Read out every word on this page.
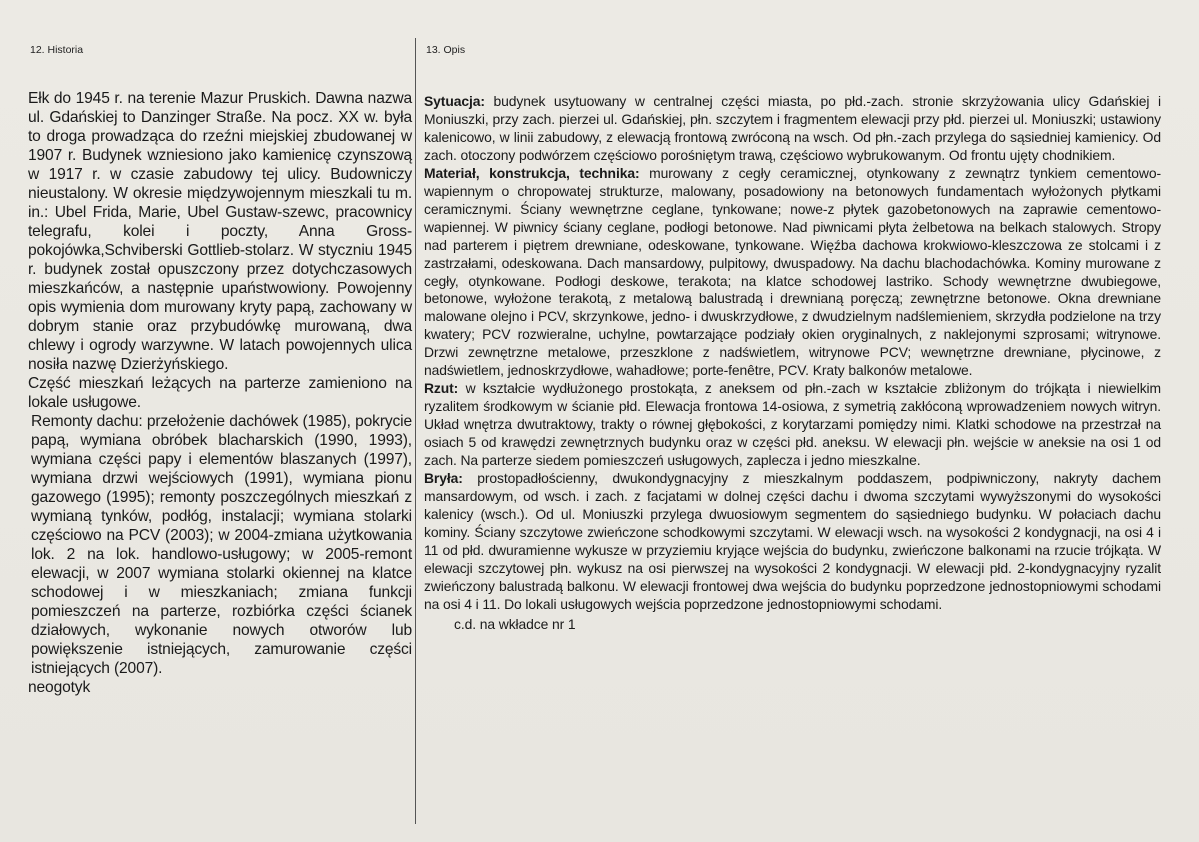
12. Historia	13. Opis

Ełk do 1945 r. na terenie Mazur Pruskich. Dawna nazwa ul. Gdańskiej to Danzinger Straße. Na pocz. XX w. była to droga prowadząca do rzeźni miejskiej zbudowanej w 1907 r. Budynek wzniesiono jako kamienicę czynszową w 1917 r. w czasie zabudowy tej ulicy. Budowniczy nieustalony. W okresie międzywojennym mieszkali tu m. in.: Ubel Frida, Marie, Ubel Gustaw-szewc, pracownicy telegrafu, kolei i poczty, Anna Gross-pokojówka,Schviberski Gottlieb-stolarz. W styczniu 1945 r. budynek został opuszczony przez dotychczasowych mieszkańców, a następnie upaństwowiony. Powojenny opis wymienia dom murowany kryty papą, zachowany w dobrym stanie oraz przybudówkę murowaną, dwa chlewy i ogrody warzywne. W latach powojennych ulica nosiła nazwę Dzierżyńskiego.

Część mieszkań leżących na parterze zamieniono na lokale usługowe.

Remonty dachu: przełożenie dachówek (1985), pokrycie papą, wymiana obróbek blacharskich (1990, 1993), wymiana części papy i elementów blaszanych (1997), wymiana drzwi wejściowych (1991), wymiana pionu gazowego (1995); remonty poszczególnych mieszkań z wymianą tynków, podłóg, instalacji; wymiana stolarki częściowo na PCV (2003); w 2004-zmiana użytkowania lok. 2 na lok. handlowo-usługowy; w 2005-remont elewacji, w 2007 wymiana stolarki okiennej na klatce schodowej i w mieszkaniach; zmiana funkcji pomieszczeń na parterze, rozbiórka części ścianek działowych, wykonanie nowych otworów lub powiększenie istniejących, zamurowanie części istniejących (2007).

neogotyk

Sytuacja: budynek usytuowany w centralnej części miasta, po płd.-zach. stronie skrzyżowania ulicy Gdańskiej i Moniuszki, przy zach. pierzei ul. Gdańskiej, płn. szczytem i fragmentem elewacji przy płd. pierzei ul. Moniuszki; ustawiony kalenicowo, w linii zabudowy, z elewacją frontową zwróconą na wsch. Od płn.-zach przylega do sąsiedniej kamienicy. Od zach. otoczony podwórzem częściowo porośniętym trawą, częściowo wybrukowanym. Od frontu ujęty chodnikiem.

Materiał, konstrukcja, technika: murowany z cegły ceramicznej, otynkowany z zewnątrz tynkiem cementowo-wapiennym o chropowatej strukturze, malowany, posadowiony na betonowych fundamentach wyłożonych płytkami ceramicznymi. Ściany wewnętrzne ceglane, tynkowane; nowe-z płytek gazobetonowych na zaprawie cementowo-wapiennej. W piwnicy ściany ceglane, podłogi betonowe. Nad piwnicami płyta żelbetowa na belkach stalowych. Stropy nad parterem i piętrem drewniane, odeskowane, tynkowane. Więźba dachowa krokwiowo-kleszczowa ze stolcami i z zastrzałami, odeskowana. Dach mansardowy, pulpitowy, dwuspadowy. Na dachu blachodachówka. Kominy murowane z cegły, otynkowane. Podłogi deskowe, terakota; na klatce schodowej lastriko. Schody wewnętrzne dwubiegowe, betonowe, wyłożone terakotą, z metalową balustradą i drewnianą poręczą; zewnętrzne betonowe. Okna drewniane malowane olejno i PCV, skrzynkowe, jedno- i dwuskrzydłowe, z dwudzielnym nadślemieniem, skrzydła podzielone na trzy kwatery; PCV rozwieralne, uchylne, powtarzające podziały okien oryginalnych, z naklejonymi szprosami; witrynowe. Drzwi zewnętrzne metalowe, przeszklone z nadświetlem, witrynowe PCV; wewnętrzne drewniane, płycinowe, z nadświetlem, jednoskrzydłowe, wahadłowe; porte-fenêtre, PCV. Kraty balkonów metalowe.

Rzut: w kształcie wydłużonego prostokąta, z aneksem od płn.-zach w kształcie zbliżonym do trójkąta i niewielkim ryzalitem środkowym w ścianie płd. Elewacja frontowa 14-osiowa, z symetrią zakłóconą wprowadzeniem nowych witryn. Układ wnętrza dwutraktowy, trakty o równej głębokości, z korytarzami pomiędzy nimi. Klatki schodowe na przestrzał na osiach 5 od krawędzi zewnętrznych budynku oraz w części płd. aneksu. W elewacji płn. wejście w aneksie na osi 1 od zach. Na parterze siedem pomieszczeń usługowych, zaplecza i jedno mieszkalne.

Bryła: prostopadłościenny, dwukondygnacyjny z mieszkalnym poddaszem, podpiwniczony, nakryty dachem mansardowym, od wsch. i zach. z facjatami w dolnej części dachu i dwoma szczytami wywyższonymi do wysokości kalenicy (wsch.). Od ul. Moniuszki przylega dwuosiowym segmentem do sąsiedniego budynku. W połaciach dachu kominy. Ściany szczytowe zwieńczone schodkowymi szczytami. W elewacji wsch. na wysokości 2 kondygnacji, na osi 4 i 11 od płd. dwuramienne wykusze w przyziemiu kryjące wejścia do budynku, zwieńczone balkonami na rzucie trójkąta. W elewacji szczytowej płn. wykusz na osi pierwszej na wysokości 2 kondygnacji. W elewacji płd. 2-kondygnacyjny ryzalit zwieńczony balustradą balkonu. W elewacji frontowej dwa wejścia do budynku poprzedzone jednostopniowymi schodami na osi 4 i 11. Do lokali usługowych wejścia poprzedzone jednostopniowymi schodami.

c.d. na wkładce nr 1
